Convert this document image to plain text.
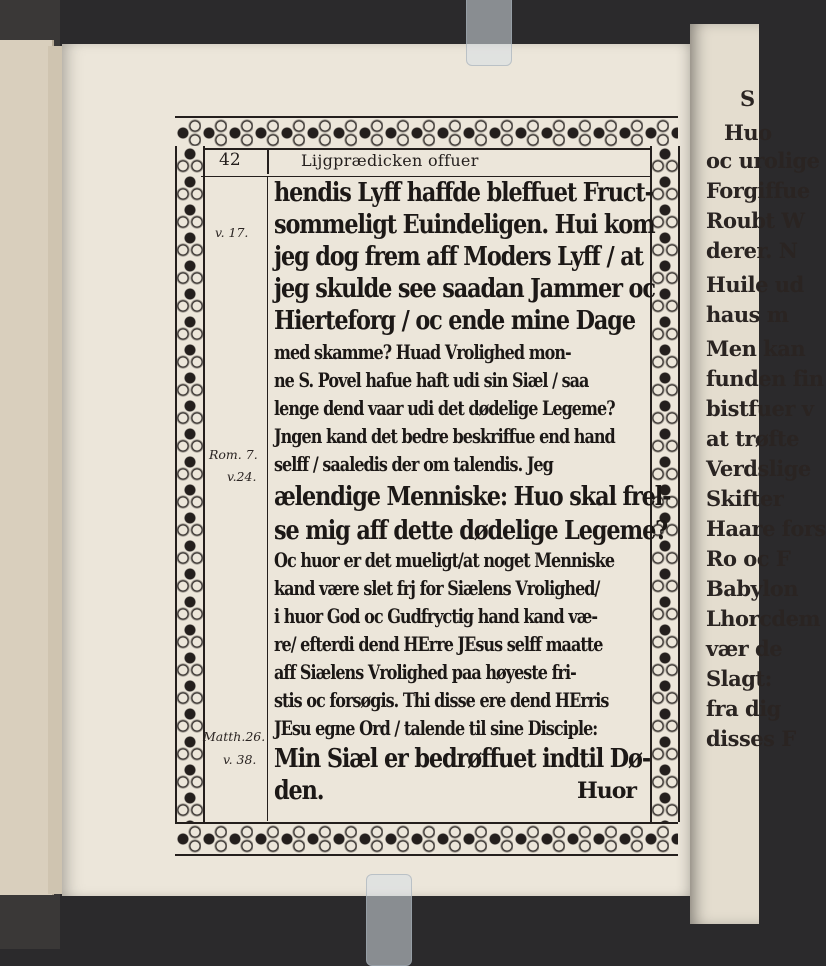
42	Lijgprædicken offuer
v. 17.
Rom. 7.
v.24.
Matth.26.
v. 38.
hendis Lyff haffde bleffuet Fruct-
sommeligt Euindeligen. Hui kom
jeg dog frem aff Moders Lyff / at
jeg skulde see saadan Jammer oc
Hierteforg / oc ende mine Dage
med skamme? Huad Vrolighed mon-
ne S. Povel hafue haft udi sin Siæl / saa
lenge dend vaar udi det dødelige Legeme?
Jngen kand det bedre beskriffue end hand
selff / saaledis der om talendis. Jeg
ælendige Menniske: Huo skal frel-
se mig aff dette dødelige Legeme?
Oc huor er det mueligt/at noget Menniske
kand være slet frj for Siælens Vrolighed/
i huor God oc Gudfryctig hand kand væ-
re/ efterdi dend HErre JEsus selff maatte
aff Siælens Vrolighed paa høyeste fri-
stis oc forsøgis. Thi disse ere dend HErris
JEsu egne Ord / talende til sine Disciple:
Min Siæl er bedrøffuet indtil Dø-
den.	Huor
S
Huo
oc urolige
Forgiffue
Roubt W
derer. N
Huile ud
haus m
Men kan
funden fin
bistfuer v
at trøfte
Verdslige
Skifter
Haare fors
Ro oc F
Babylon
Lhorcdem
vær de
Slagt:
fra dig
disses F
